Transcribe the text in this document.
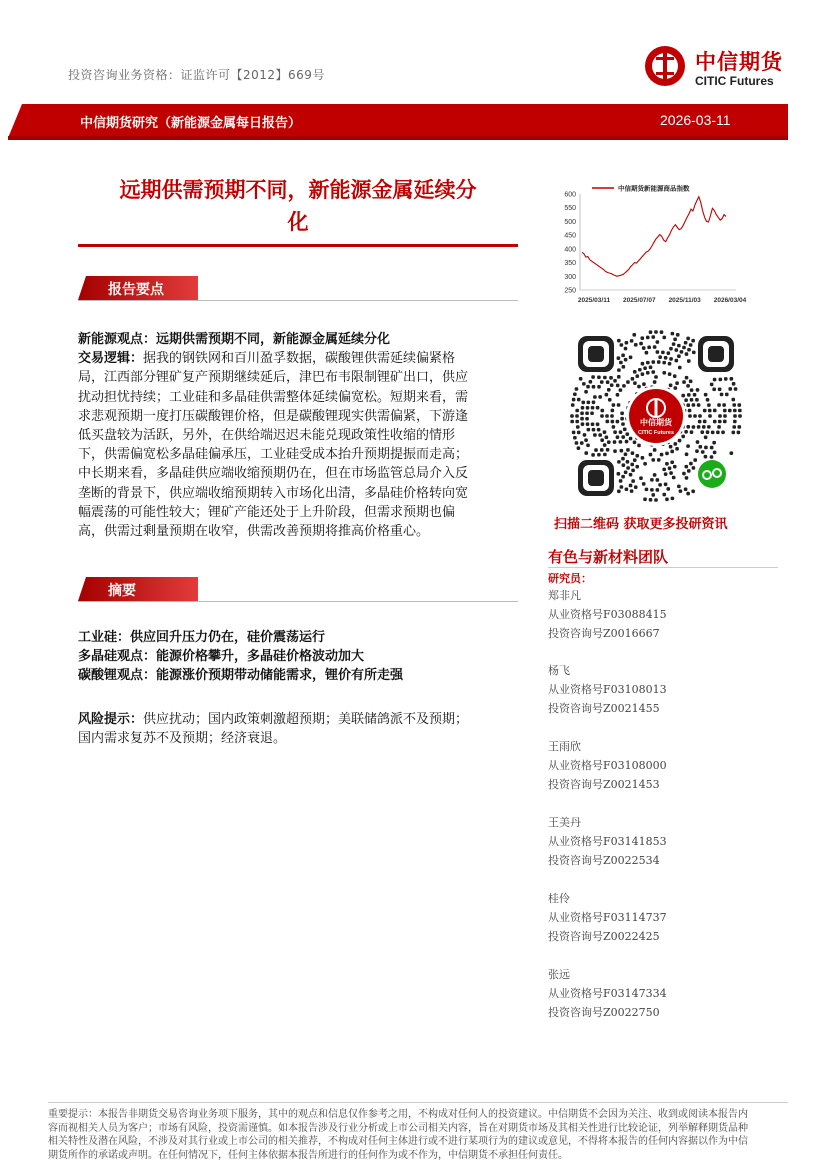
投资咨询业务资格：证监许可【2012】669号
中信期货
CITIC Futures
中信期货研究（新能源金属每日报告）	2026-03-11
远期供需预期不同，新能源金属延续分
化
报告要点
新能源观点：远期供需预期不同，新能源金属延续分化
交易逻辑：据我的钢铁网和百川盈孚数据，碳酸锂供需延续偏紧格
局，江西部分锂矿复产预期继续延后，津巴布韦限制锂矿出口，供应
扰动担忧持续；工业硅和多晶硅供需整体延续偏宽松。短期来看，需
求悲观预期一度打压碳酸锂价格，但是碳酸锂现实供需偏紧，下游逢
低买盘较为活跃，另外，在供给端迟迟未能兑现政策性收缩的情形
下，供需偏宽松多晶硅偏承压，工业硅受成本抬升预期提振而走高；
中长期来看，多晶硅供应端收缩预期仍在，但在市场监管总局介入反
垄断的背景下，供应端收缩预期转入市场化出清，多晶硅价格转向宽
幅震荡的可能性较大；锂矿产能还处于上升阶段，但需求预期也偏
高，供需过剩量预期在收窄，供需改善预期将推高价格重心。
摘要
工业硅：供应回升压力仍在，硅价震荡运行
多晶硅观点：能源价格攀升，多晶硅价格波动加大
碳酸锂观点：能源涨价预期带动储能需求，锂价有所走强
风险提示：供应扰动；国内政策刺激超预期；美联储鸽派不及预期；
国内需求复苏不及预期；经济衰退。
250
300
350
400
450
500
550
600
2025/03/11 2025/07/07 2025/11/03 2026/03/04
中信期货新能源商品指数
中信期货
CITIC Futures
扫描二维码 获取更多投研资讯
有色与新材料团队
研究员：
郑非凡
从业资格号F03088415
投资咨询号Z0016667
杨飞
从业资格号F03108013
投资咨询号Z0021455
王雨欣
从业资格号F03108000
投资咨询号Z0021453
王美丹
从业资格号F03141853
投资咨询号Z0022534
桂伶
从业资格号F03114737
投资咨询号Z0022425
张远
从业资格号F03147334
投资咨询号Z0022750
重要提示：本报告非期货交易咨询业务项下服务，其中的观点和信息仅作参考之用，不构成对任何人的投资建议。中信期货不会因为关注、收到或阅读本报告内
容而视相关人员为客户；市场有风险，投资需谨慎。如本报告涉及行业分析或上市公司相关内容，旨在对期货市场及其相关性进行比较论证，列举解释期货品种
相关特性及潜在风险，不涉及对其行业或上市公司的相关推荐，不构成对任何主体进行或不进行某项行为的建议或意见，不得将本报告的任何内容据以作为中信
期货所作的承诺或声明。在任何情况下，任何主体依据本报告所进行的任何作为或不作为，中信期货不承担任何责任。
